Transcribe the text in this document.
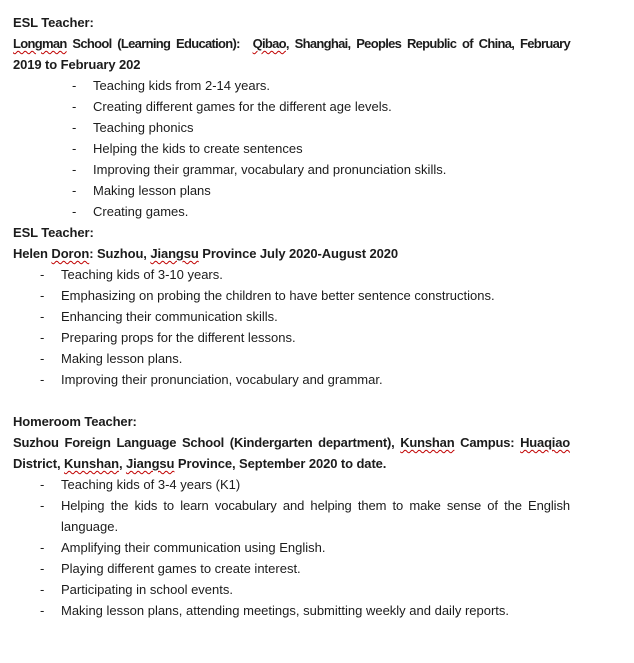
ESL Teacher:

Longman School (Learning Education): Qibao, Shanghai, Peoples Republic of China, February

2019 to February 202

-	Teaching kids from 2-14 years.
-	Creating different games for the different age levels.
-	Teaching phonics
-	Helping the kids to create sentences
-	Improving their grammar, vocabulary and pronunciation skills.
-	Making lesson plans
-	Creating games.

ESL Teacher:

Helen Doron: Suzhou, Jiangsu Province July 2020-August 2020

-	Teaching kids of 3-10 years.
-	Emphasizing on probing the children to have better sentence constructions.
-	Enhancing their communication skills.
-	Preparing props for the different lessons.
-	Making lesson plans.
-	Improving their pronunciation, vocabulary and grammar.

Homeroom Teacher:

Suzhou Foreign Language School (Kindergarten department), Kunshan Campus: Huaqiao

District, Kunshan, Jiangsu Province, September 2020 to date.

-	Teaching kids of 3-4 years (K1)
-	Helping the kids to learn vocabulary and helping them to make sense of the English
language.
-	Amplifying their communication using English.
-	Playing different games to create interest.
-	Participating in school events.
-	Making lesson plans, attending meetings, submitting weekly and daily reports.
